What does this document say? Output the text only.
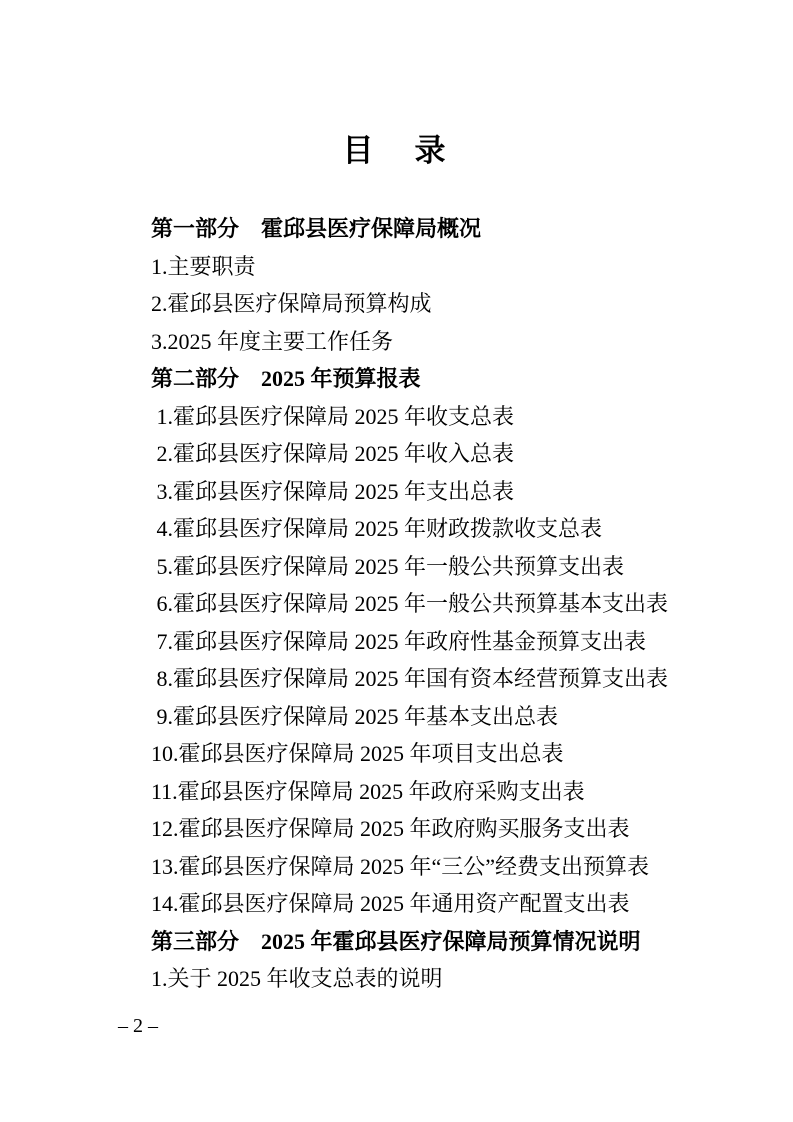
目　录

第一部分　霍邱县医疗保障局概况

1.主要职责

2.霍邱县医疗保障局预算构成

3.2025 年度主要工作任务

第二部分　2025 年预算报表

1.霍邱县医疗保障局 2025 年收支总表

2.霍邱县医疗保障局 2025 年收入总表

3.霍邱县医疗保障局 2025 年支出总表

4.霍邱县医疗保障局 2025 年财政拨款收支总表

5.霍邱县医疗保障局 2025 年一般公共预算支出表

6.霍邱县医疗保障局 2025 年一般公共预算基本支出表

7.霍邱县医疗保障局 2025 年政府性基金预算支出表

8.霍邱县医疗保障局 2025 年国有资本经营预算支出表

9.霍邱县医疗保障局 2025 年基本支出总表

10.霍邱县医疗保障局 2025 年项目支出总表

11.霍邱县医疗保障局 2025 年政府采购支出表

12.霍邱县医疗保障局 2025 年政府购买服务支出表

13.霍邱县医疗保障局 2025 年“三公”经费支出预算表

14.霍邱县医疗保障局 2025 年通用资产配置支出表

第三部分　2025 年霍邱县医疗保障局预算情况说明

1.关于 2025 年收支总表的说明

– 2 –
